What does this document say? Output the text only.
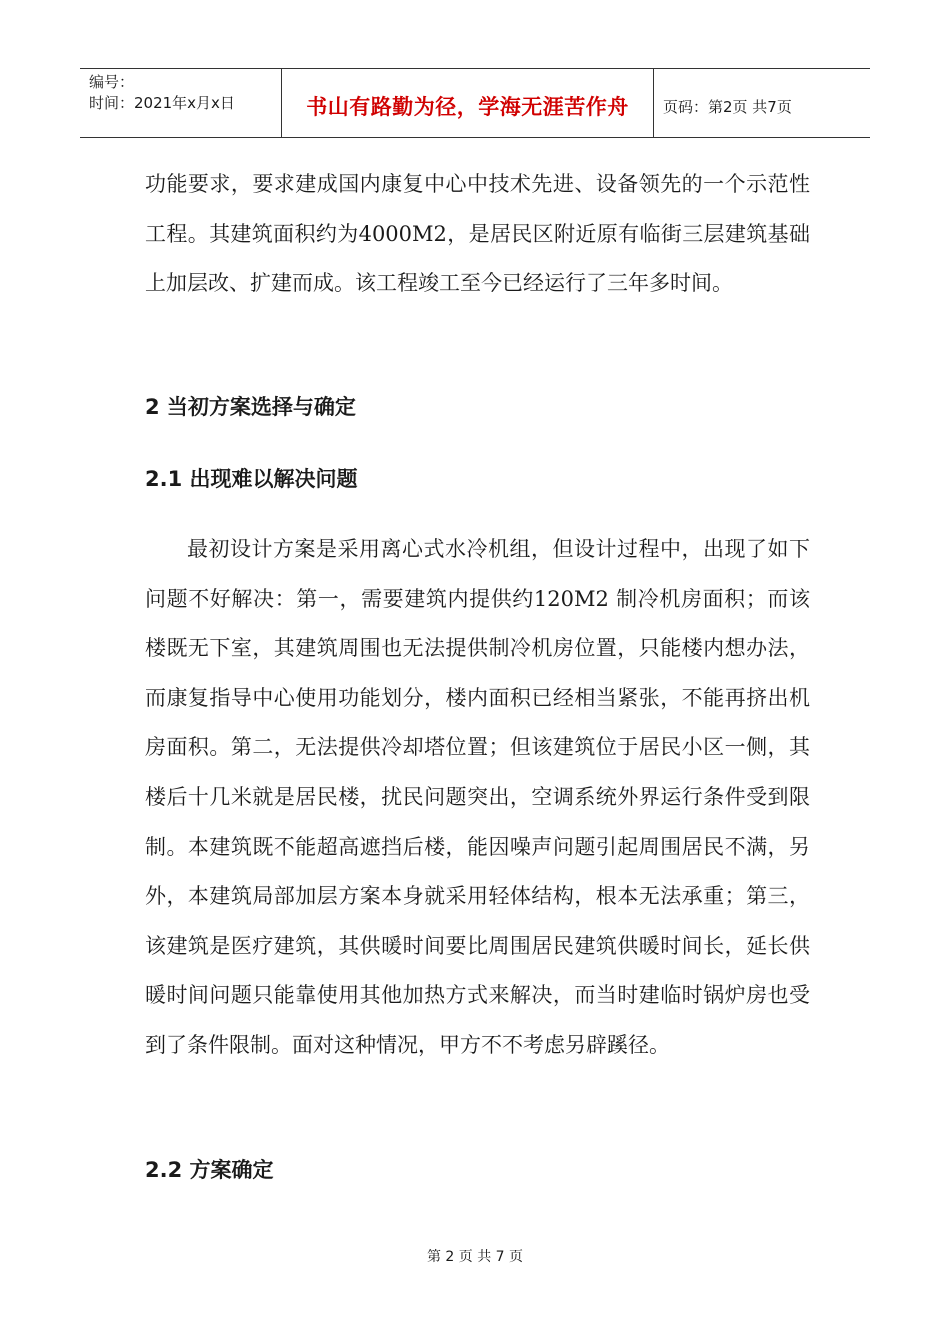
编号：
时间：2021年x月x日	书山有路勤为径，学海无涯苦作舟	页码：第2页 共7页

功能要求，要求建成国内康复中心中技术先进、设备领先的一个示范性工程。其建筑面积约为4000M2，是居民区附近原有临街三层建筑基础上加层改、扩建而成。该工程竣工至今已经运行了三年多时间。

2 当初方案选择与确定

2.1 出现难以解决问题

最初设计方案是采用离心式水冷机组，但设计过程中，出现了如下问题不好解决：第一，需要建筑内提供约120M2 制冷机房面积；而该楼既无下室，其建筑周围也无法提供制冷机房位置，只能楼内想办法，而康复指导中心使用功能划分，楼内面积已经相当紧张，不能再挤出机房面积。第二，无法提供冷却塔位置；但该建筑位于居民小区一侧，其楼后十几米就是居民楼，扰民问题突出，空调系统外界运行条件受到限制。本建筑既不能超高遮挡后楼，能因噪声问题引起周围居民不满，另外，本建筑局部加层方案本身就采用轻体结构，根本无法承重；第三，该建筑是医疗建筑，其供暖时间要比周围居民建筑供暖时间长，延长供暖时间问题只能靠使用其他加热方式来解决，而当时建临时锅炉房也受到了条件限制。面对这种情况，甲方不不考虑另辟蹊径。

2.2 方案确定

第 2 页 共 7 页
